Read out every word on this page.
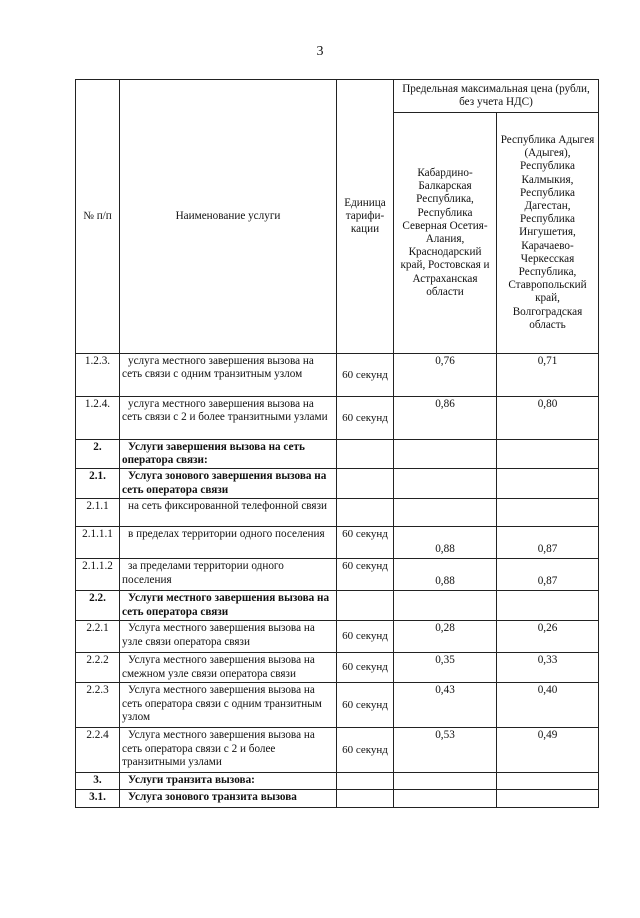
3
№ п/п	Наименование услуги	Единица тарифи-кации	Предельная максимальная цена (рубли, без учета НДС)	
			Кабардино-Балкарская Республика, Республика Северная Осетия-Алания, Краснодарский край, Ростовская и Астраханская области	Республика Адыгея (Адыгея), Республика Калмыкия, Республика Дагестан, Республика Ингушетия, Карачаево-Черкесская Республика, Ставропольский край, Волгоградская область
1.2.3.	услуга местного завершения вызова на сеть связи с одним транзитным узлом	60 секунд	0,76	0,71
1.2.4.	услуга местного завершения вызова на сеть связи с 2 и более транзитными узлами	60 секунд	0,86	0,80
2.	Услуги завершения вызова на сеть оператора связи:			
2.1.	Услуга зонового завершения вызова на сеть оператора связи			
2.1.1	на сеть фиксированной телефонной связи			
2.1.1.1	в пределах территории одного поселения	60 секунд	0,88	0,87
2.1.1.2	за пределами территории одного поселения	60 секунд	0,88	0,87
2.2.	Услуги местного завершения вызова на сеть оператора связи			
2.2.1	Услуга местного завершения вызова на узле связи оператора связи	60 секунд	0,28	0,26
2.2.2	Услуга местного завершения вызова на смежном узле связи оператора связи	60 секунд	0,35	0,33
2.2.3	Услуга местного завершения вызова на сеть оператора связи с одним транзитным узлом	60 секунд	0,43	0,40
2.2.4	Услуга местного завершения вызова на сеть оператора связи с 2 и более транзитными узлами	60 секунд	0,53	0,49
3.	Услуги транзита вызова:			
3.1.	Услуга зонового транзита вызова			
